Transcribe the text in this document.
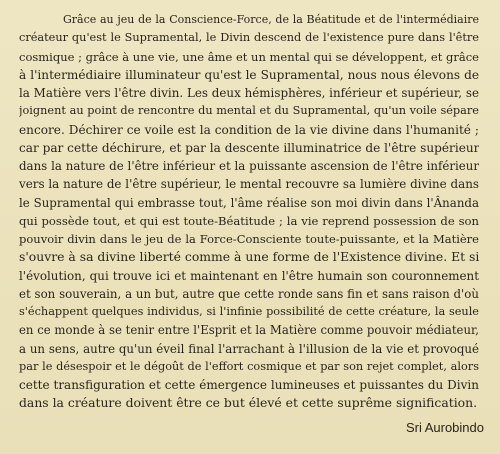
Grâce au jeu de la Conscience-Force, de la Béatitude et de l'intermédiaire
créateur qu'est le Supramental, le Divin descend de l'existence pure dans l'être
cosmique ; grâce à une vie, une âme et un mental qui se développent, et grâce
à l'intermédiaire illuminateur qu'est le Supramental, nous nous élevons de
la Matière vers l'être divin. Les deux hémisphères, inférieur et supérieur, se
joignent au point de rencontre du mental et du Supramental, qu'un voile sépare
encore. Déchirer ce voile est la condition de la vie divine dans l'humanité ;
car par cette déchirure, et par la descente illuminatrice de l'être supérieur
dans la nature de l'être inférieur et la puissante ascension de l'être inférieur
vers la nature de l'être supérieur, le mental recouvre sa lumière divine dans
le Supramental qui embrasse tout, l'âme réalise son moi divin dans l'Ânanda
qui possède tout, et qui est toute-Béatitude ; la vie reprend possession de son
pouvoir divin dans le jeu de la Force-Consciente toute-puissante, et la Matière
s'ouvre à sa divine liberté comme à une forme de l'Existence divine. Et si
l'évolution, qui trouve ici et maintenant en l'être humain son couronnement
et son souverain, a un but, autre que cette ronde sans fin et sans raison d'où
s'échappent quelques individus, si l'infinie possibilité de cette créature, la seule
en ce monde à se tenir entre l'Esprit et la Matière comme pouvoir médiateur,
a un sens, autre qu'un éveil final l'arrachant à l'illusion de la vie et provoqué
par le désespoir et le dégoût de l'effort cosmique et par son rejet complet, alors
cette transfiguration et cette émergence lumineuses et puissantes du Divin
dans la créature doivent être ce but élevé et cette suprême signification.
Sri Aurobindo
